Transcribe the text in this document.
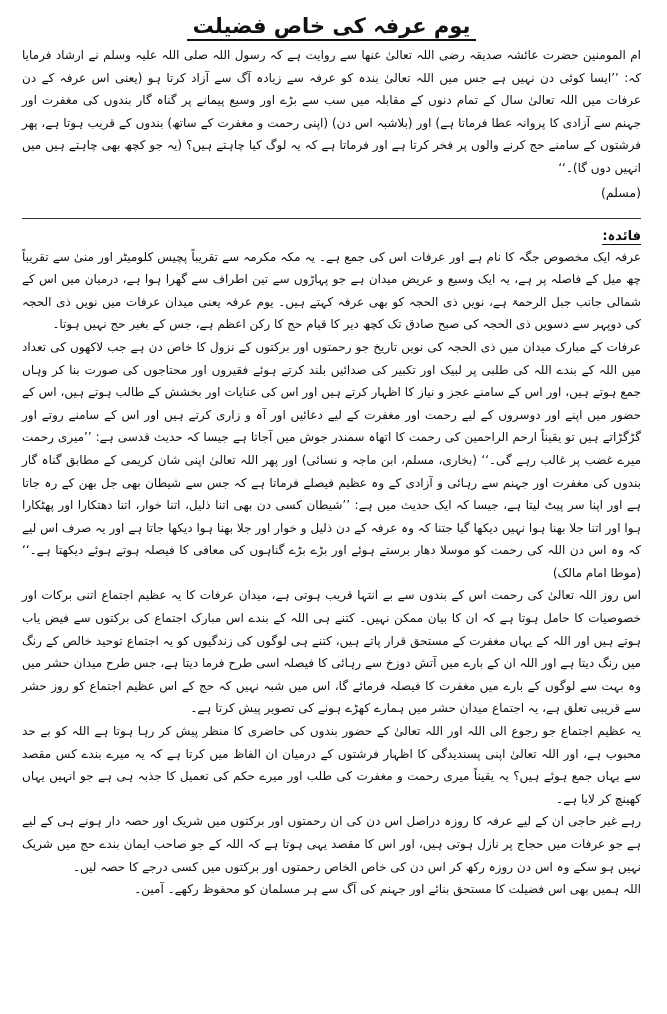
یوم عرفہ کی خاص فضیلت

ام المومنین حضرت عائشہ صدیقہ رضی اللہ تعالیٰ عنھا سے روایت ہے کہ رسول اللہ صلی اللہ علیہ وسلم نے ارشاد فرمایا کہ: ’’ایسا کوئی دن نہیں ہے جس میں اللہ تعالیٰ بندہ کو عرفہ سے زیادہ آگ سے آزاد کرتا ہو (یعنی اس عرفہ کے دن عرفات میں اللہ تعالیٰ سال کے تمام دنوں کے مقابلہ میں سب سے بڑے اور وسیع پیمانے پر گناہ گار بندوں کی مغفرت اور جہنم سے آزادی کا پروانہ عطا فرماتا ہے) اور (بلاشبہ اس دن) (اپنی رحمت و مغفرت کے ساتھ) بندوں کے قریب ہوتا ہے، پھر فرشتوں کے سامنے حج کرنے والوں پر فخر کرتا ہے اور فرماتا ہے کہ یہ لوگ کیا چاہتے ہیں؟ (یہ جو کچھ بھی چاہتے ہیں میں انہیں دوں گا)۔‘‘

(مسلم)

فائدہ:

عرفہ ایک مخصوص جگہ کا نام ہے اور عرفات اس کی جمع ہے۔ یہ مکہ مکرمہ سے تقریباً پچیس کلومیٹر اور منیٰ سے تقریباً چھ میل کے فاصلہ پر ہے، یہ ایک وسیع و عریض میدان ہے جو پہاڑوں سے تین اطراف سے گھرا ہوا ہے، درمیان میں اس کے شمالی جانب جبل الرحمۃ ہے، نویں ذی الحجہ کو بھی عرفہ کہتے ہیں۔ یوم عرفہ یعنی میدان عرفات میں نویں ذی الحجہ کی دوپہر سے دسویں ذی الحجہ کی صبح صادق تک کچھ دیر کا قیام حج کا رکن اعظم ہے، جس کے بغیر حج نہیں ہوتا۔

عرفات کے مبارک میدان میں ذی الحجہ کی نویں تاریخ جو رحمتوں اور برکتوں کے نزول کا خاص دن ہے جب لاکھوں کی تعداد میں اللہ کے بندے اللہ کی طلبی پر لبیک اور تکبیر کی صدائیں بلند کرتے ہوئے فقیروں اور محتاجوں کی صورت بنا کر وہاں جمع ہوتے ہیں، اور اس کے سامنے عجز و نیاز کا اظہار کرتے ہیں اور اس کی عنایات اور بخشش کے طالب ہوتے ہیں، اس کے حضور میں اپنے اور دوسروں کے لیے رحمت اور مغفرت کے لیے دعائیں اور آہ و زاری کرتے ہیں اور اس کے سامنے روتے اور گڑگڑاتے ہیں تو یقیناً ارحم الراحمین کی رحمت کا اتھاہ سمندر جوش میں آجاتا ہے جیسا کہ حدیث قدسی ہے: ’’میری رحمت میرے غضب پر غالب رہے گی۔‘‘ (بخاری، مسلم، ابن ماجہ و نسائی) اور پھر اللہ تعالیٰ اپنی شان کریمی کے مطابق گناہ گار بندوں کی مغفرت اور جہنم سے رہائی و آزادی کے وہ عظیم فیصلے فرماتا ہے کہ جس سے شیطان بھی جل بھن کے رہ جاتا ہے اور اپنا سر پیٹ لیتا ہے، جیسا کہ ایک حدیث میں ہے: ’’شیطان کسی دن بھی اتنا ذلیل، اتنا خوار، اتنا دھتکارا اور پھٹکارا ہوا اور اتنا جلا بھنا ہوا نہیں دیکھا گیا جتنا کہ وہ عرفہ کے دن ذلیل و خوار اور جلا بھنا ہوا دیکھا جاتا ہے اور یہ صرف اس لیے کہ وہ اس دن اللہ کی رحمت کو موسلا دھار برستے ہوئے اور بڑے بڑے گناہوں کی معافی کا فیصلہ ہوتے ہوئے دیکھتا ہے۔‘‘ (موطا امام مالک)

اس روز اللہ تعالیٰ کی رحمت اس کے بندوں سے بے انتہا قریب ہوتی ہے، میدان عرفات کا یہ عظیم اجتماع اتنی برکات اور خصوصیات کا حامل ہوتا ہے کہ ان کا بیان ممکن نہیں۔ کتنے ہی اللہ کے بندے اس مبارک اجتماع کی برکتوں سے فیض یاب ہوتے ہیں اور اللہ کے یہاں مغفرت کے مستحق قرار پاتے ہیں، کتنے ہی لوگوں کی زندگیوں کو یہ اجتماع توحید خالص کے رنگ میں رنگ دیتا ہے اور اللہ ان کے بارے میں آتش دوزخ سے رہائی کا فیصلہ اسی طرح فرما دیتا ہے، جس طرح میدان حشر میں وہ بہت سے لوگوں کے بارے میں مغفرت کا فیصلہ فرمائے گا، اس میں شبہ نہیں کہ حج کے اس عظیم اجتماع کو روز حشر سے قریبی تعلق ہے، یہ اجتماع میدان حشر میں ہمارے کھڑے ہونے کی تصویر پیش کرتا ہے۔

یہ عظیم اجتماع جو رجوع الی اللہ اور اللہ تعالیٰ کے حضور بندوں کی حاضری کا منظر پیش کر رہا ہوتا ہے اللہ کو بے حد محبوب ہے، اور اللہ تعالیٰ اپنی پسندیدگی کا اظہار فرشتوں کے درمیان ان الفاظ میں کرتا ہے کہ یہ میرے بندے کس مقصد سے یہاں جمع ہوئے ہیں؟ یہ یقیناً میری رحمت و مغفرت کی طلب اور میرے حکم کی تعمیل کا جذبہ ہی ہے جو انہیں یہاں کھینچ کر لایا ہے۔

رہے غیر حاجی ان کے لیے عرفہ کا روزہ دراصل اس دن کی ان رحمتوں اور برکتوں میں شریک اور حصہ دار ہونے ہی کے لیے ہے جو عرفات میں حجاج پر نازل ہوتی ہیں، اور اس کا مقصد یہی ہوتا ہے کہ اللہ کے جو صاحب ایمان بندے حج میں شریک نہیں ہو سکے وہ اس دن روزہ رکھ کر اس دن کی خاص الخاص رحمتوں اور برکتوں میں کسی درجے کا حصہ لیں۔

اللہ ہمیں بھی اس فضیلت کا مستحق بنائے اور جہنم کی آگ سے ہر مسلمان کو محفوظ رکھے۔ آمین۔
